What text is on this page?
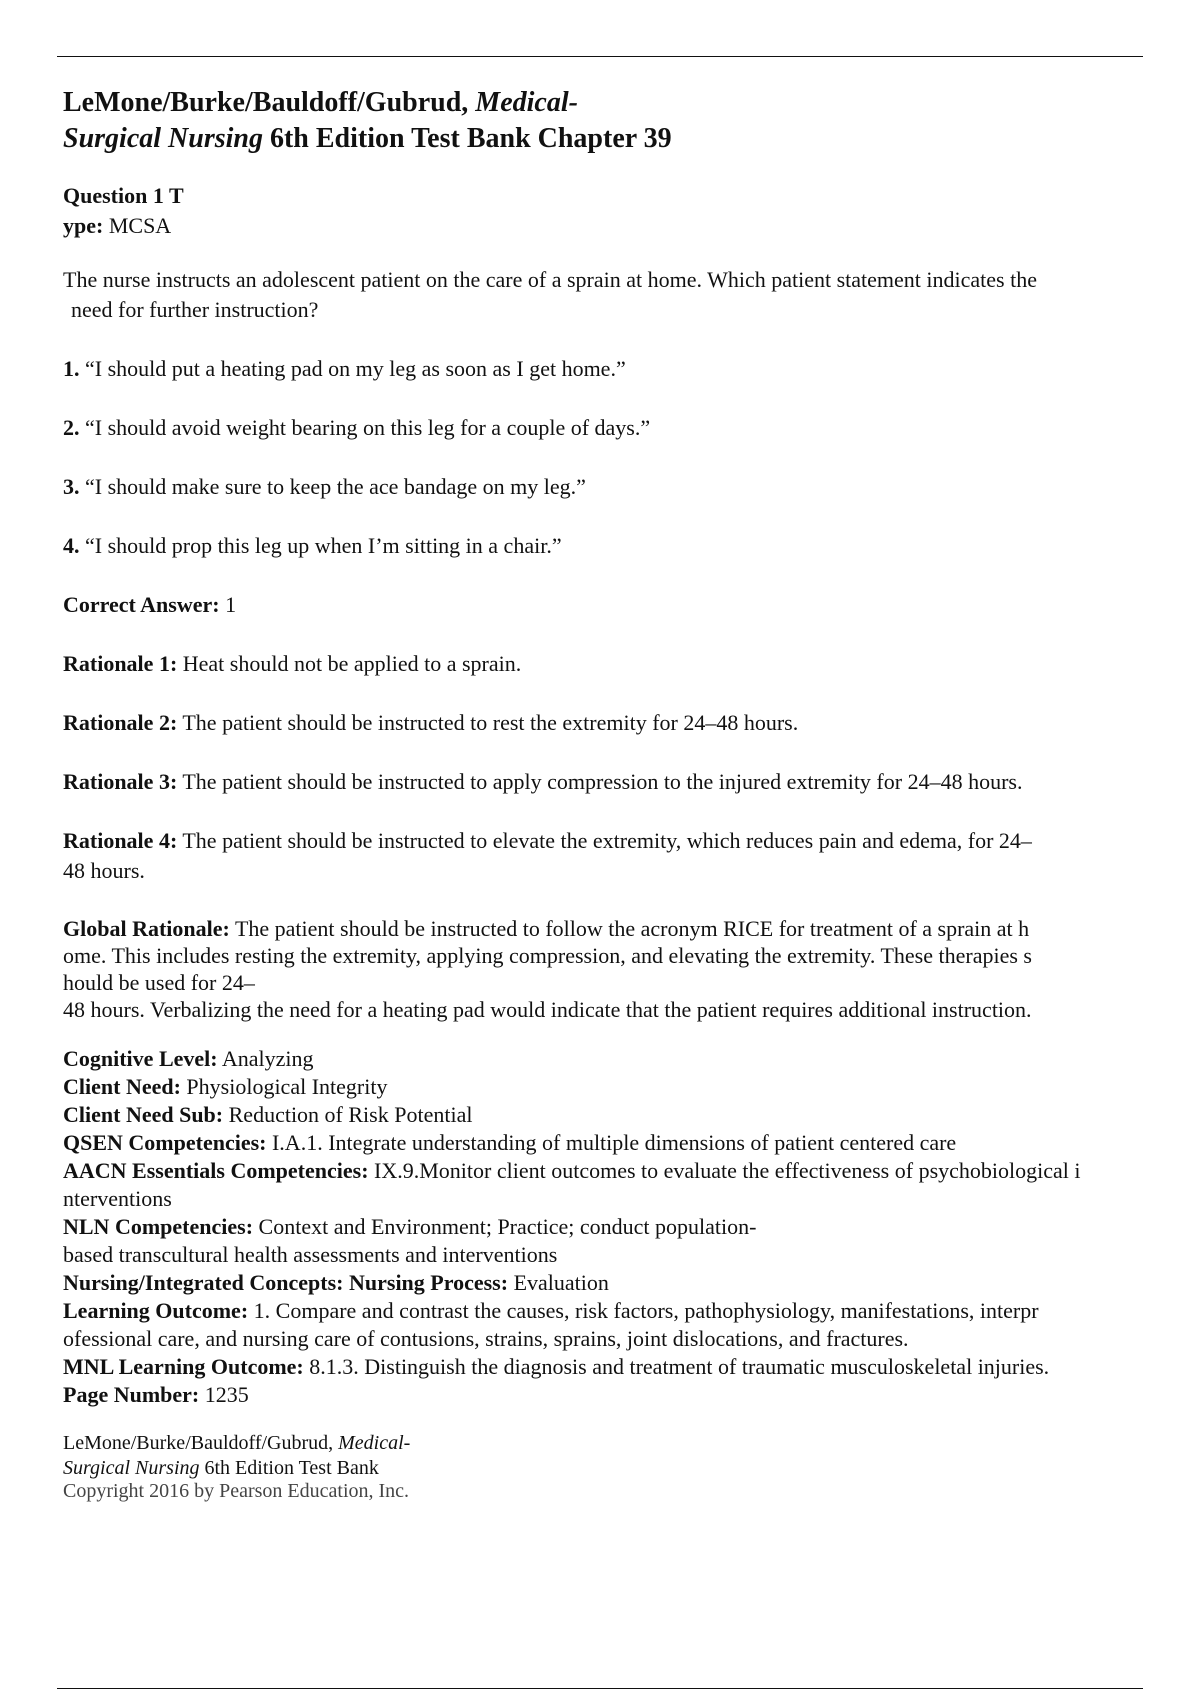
LeMone/Burke/Bauldoff/Gubrud, Medical-
Surgical Nursing 6th Edition Test Bank Chapter 39
Question 1 T
ype: MCSA
The nurse instructs an adolescent patient on the care of a sprain at home. Which patient statement indicates the
need for further instruction?
1. “I should put a heating pad on my leg as soon as I get home.”
2. “I should avoid weight bearing on this leg for a couple of days.”
3. “I should make sure to keep the ace bandage on my leg.”
4. “I should prop this leg up when I’m sitting in a chair.”
Correct Answer: 1
Rationale 1: Heat should not be applied to a sprain.
Rationale 2: The patient should be instructed to rest the extremity for 24–48 hours.
Rationale 3: The patient should be instructed to apply compression to the injured extremity for 24–48 hours.
Rationale 4: The patient should be instructed to elevate the extremity, which reduces pain and edema, for 24–
48 hours.
Global Rationale: The patient should be instructed to follow the acronym RICE for treatment of a sprain at h
ome. This includes resting the extremity, applying compression, and elevating the extremity. These therapies s
hould be used for 24–
48 hours. Verbalizing the need for a heating pad would indicate that the patient requires additional instruction.
Cognitive Level: Analyzing
Client Need: Physiological Integrity
Client Need Sub: Reduction of Risk Potential
QSEN Competencies: I.A.1. Integrate understanding of multiple dimensions of patient centered care
AACN Essentials Competencies: IX.9.Monitor client outcomes to evaluate the effectiveness of psychobiological i
nterventions
NLN Competencies: Context and Environment; Practice; conduct population-
based transcultural health assessments and interventions
Nursing/Integrated Concepts: Nursing Process: Evaluation
Learning Outcome: 1. Compare and contrast the causes, risk factors, pathophysiology, manifestations, interpr
ofessional care, and nursing care of contusions, strains, sprains, joint dislocations, and fractures.
MNL Learning Outcome: 8.1.3. Distinguish the diagnosis and treatment of traumatic musculoskeletal injuries.
Page Number: 1235
LeMone/Burke/Bauldoff/Gubrud, Medical-
Surgical Nursing 6th Edition Test Bank
Copyright 2016 by Pearson Education, Inc.
